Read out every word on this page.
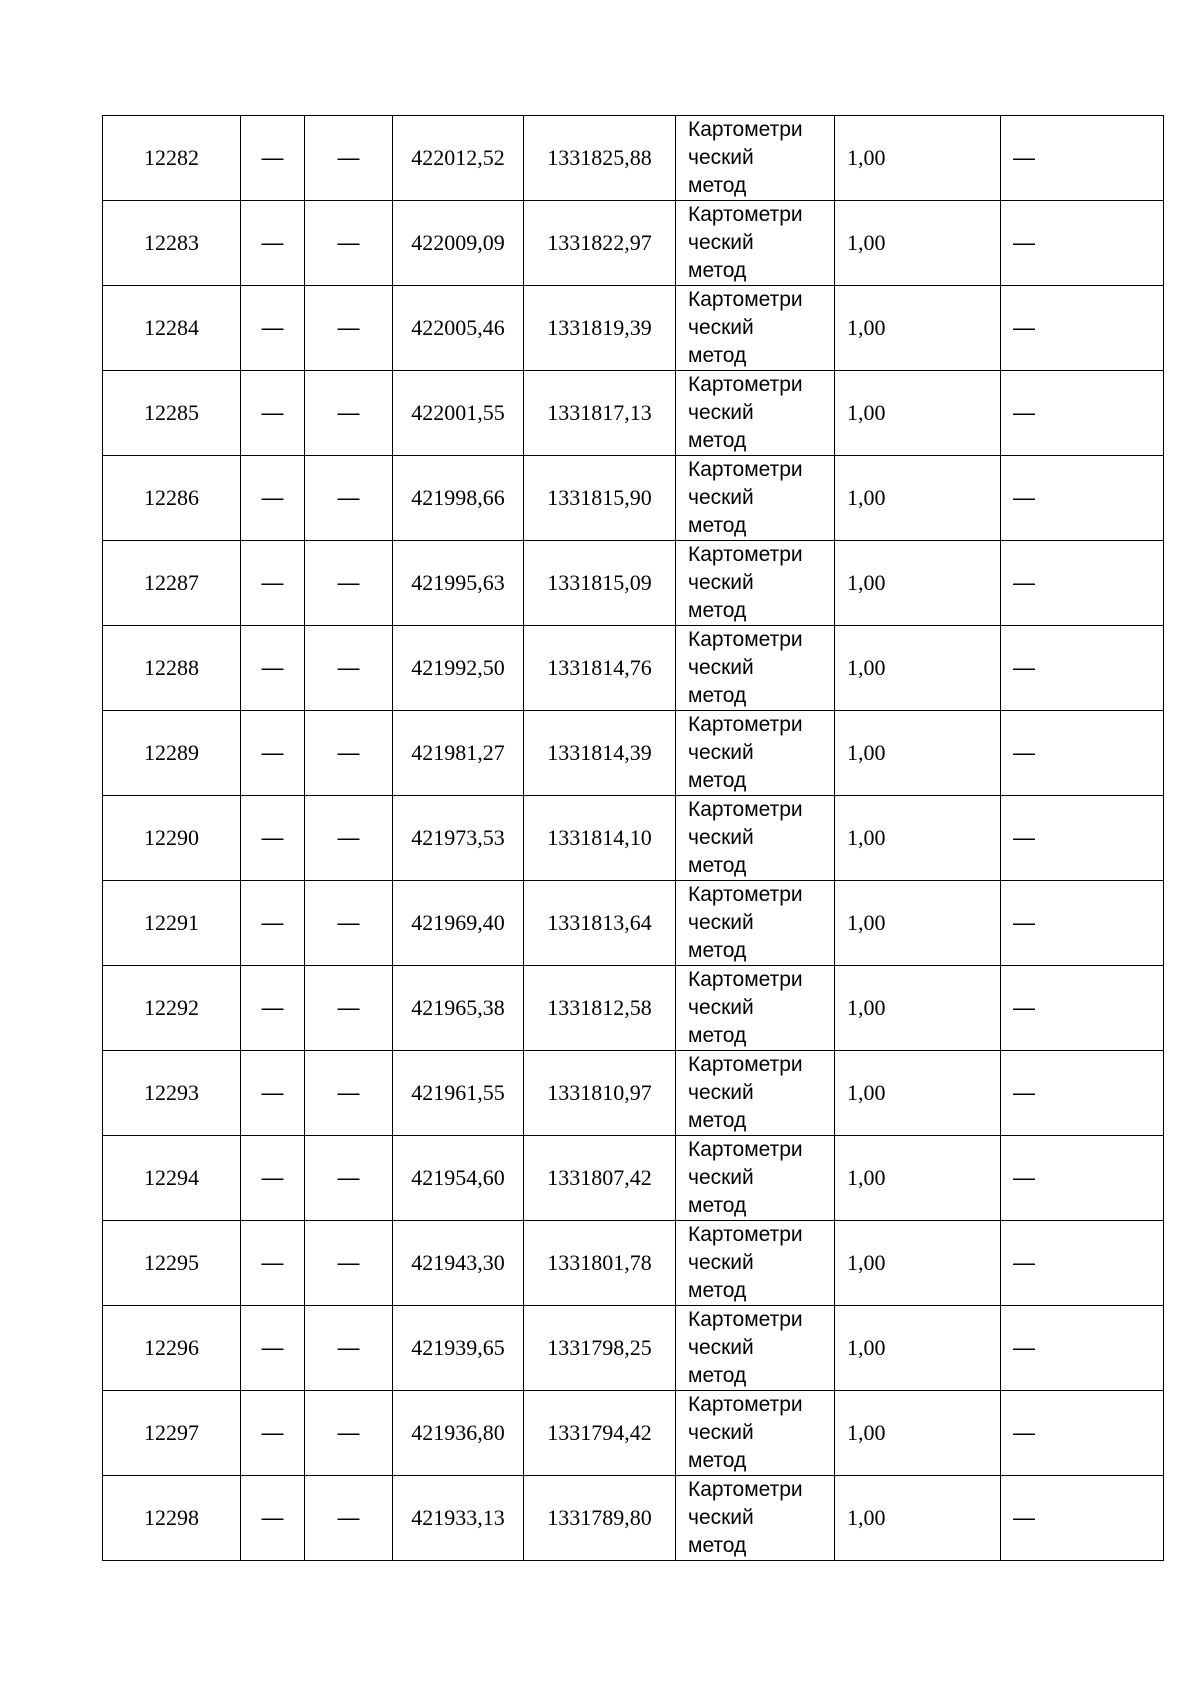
12282	—	—	422012,52	1331825,88	Картометри
ческий
метод	1,00	—
12283	—	—	422009,09	1331822,97	Картометри
ческий
метод	1,00	—
12284	—	—	422005,46	1331819,39	Картометри
ческий
метод	1,00	—
12285	—	—	422001,55	1331817,13	Картометри
ческий
метод	1,00	—
12286	—	—	421998,66	1331815,90	Картометри
ческий
метод	1,00	—
12287	—	—	421995,63	1331815,09	Картометри
ческий
метод	1,00	—
12288	—	—	421992,50	1331814,76	Картометри
ческий
метод	1,00	—
12289	—	—	421981,27	1331814,39	Картометри
ческий
метод	1,00	—
12290	—	—	421973,53	1331814,10	Картометри
ческий
метод	1,00	—
12291	—	—	421969,40	1331813,64	Картометри
ческий
метод	1,00	—
12292	—	—	421965,38	1331812,58	Картометри
ческий
метод	1,00	—
12293	—	—	421961,55	1331810,97	Картометри
ческий
метод	1,00	—
12294	—	—	421954,60	1331807,42	Картометри
ческий
метод	1,00	—
12295	—	—	421943,30	1331801,78	Картометри
ческий
метод	1,00	—
12296	—	—	421939,65	1331798,25	Картометри
ческий
метод	1,00	—
12297	—	—	421936,80	1331794,42	Картометри
ческий
метод	1,00	—
12298	—	—	421933,13	1331789,80	Картометри
ческий
метод	1,00	—
